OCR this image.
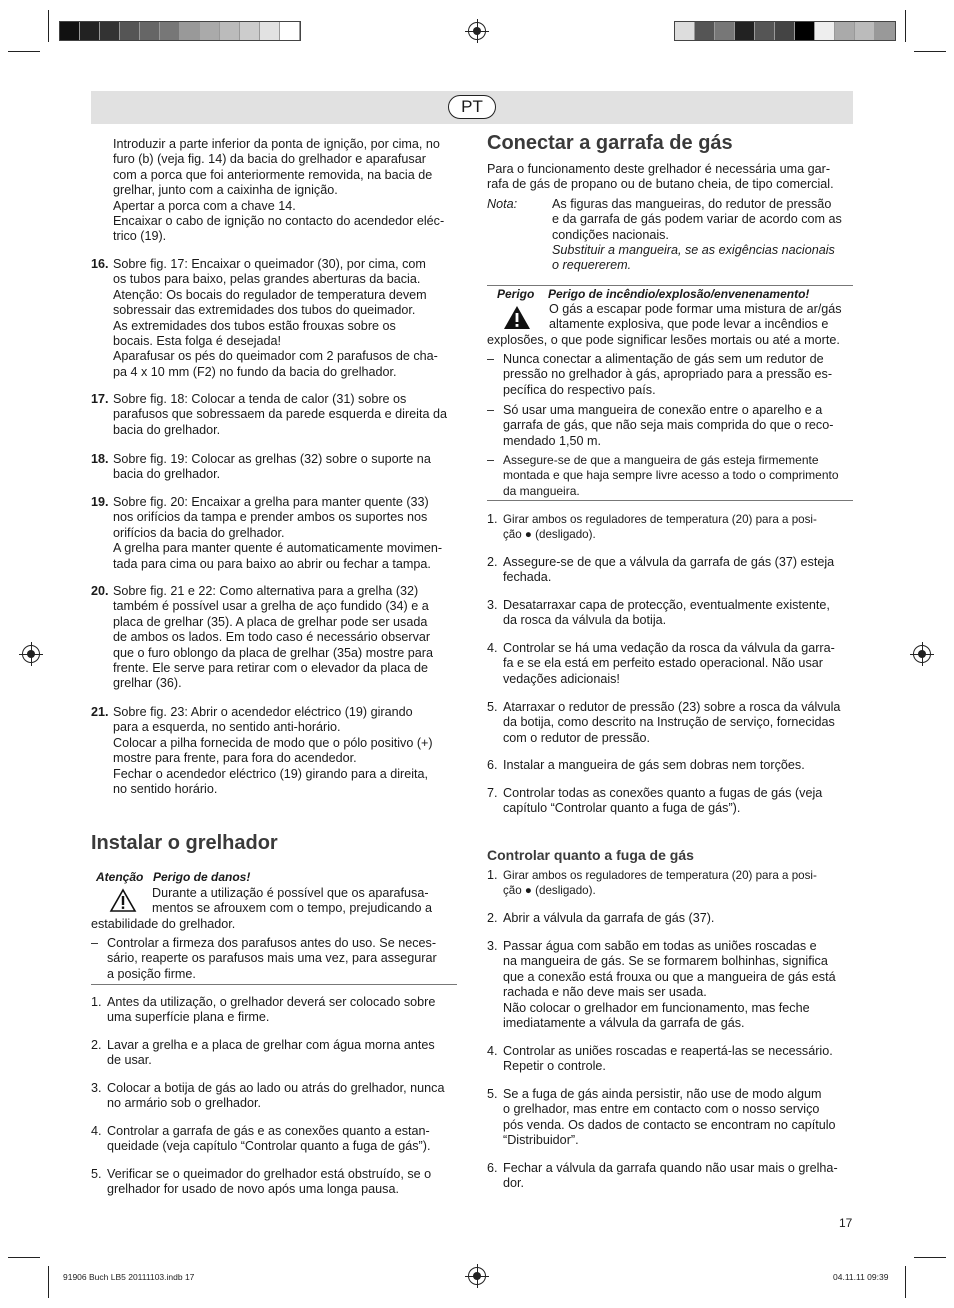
PT
Introduzir a parte inferior da ponta de ignição, por cima, no
furo (b) (veja fig. 14) da bacia do grelhador e aparafusar
com a porca que foi anteriormente removida, na bacia de
grelhar, junto com a caixinha de ignição.
Apertar a porca com a chave 14.
Encaixar o cabo de ignição no contacto do acendedor eléc-
trico (19).
16. Sobre fig. 17: Encaixar o queimador (30), por cima, com
os tubos para baixo, pelas grandes aberturas da bacia.
Atenção: Os bocais do regulador de temperatura devem
sobressair das extremidades dos tubos do queimador.
As extremidades dos tubos estão frouxas sobre os
bocais. Esta folga é desejada!
Aparafusar os pés do queimador com 2 parafusos de cha-
pa 4 x 10 mm (F2) no fundo da bacia do grelhador.
17. Sobre fig. 18: Colocar a tenda de calor (31) sobre os
parafusos que sobressaem da parede esquerda e direita da
bacia do grelhador.
18. Sobre fig. 19: Colocar as grelhas (32) sobre o suporte na
bacia do grelhador.
19. Sobre fig. 20: Encaixar a grelha para manter quente (33)
nos orifícios da tampa e prender ambos os suportes nos
orifícios da bacia do grelhador.
A grelha para manter quente é automaticamente movimen-
tada para cima ou para baixo ao abrir ou fechar a tampa.
20. Sobre fig. 21 e 22: Como alternativa para a grelha (32)
também é possível usar a grelha de aço fundido (34) e a
placa de grelhar (35). A placa de grelhar pode ser usada
de ambos os lados. Em todo caso é necessário observar
que o furo oblongo da placa de grelhar (35a) mostre para
frente. Ele serve para retirar com o elevador da placa de
grelhar (36).
21. Sobre fig. 23: Abrir o acendedor eléctrico (19) girando
para a esquerda, no sentido anti-horário.
Colocar a pilha fornecida de modo que o pólo positivo (+)
mostre para frente, para fora do acendedor.
Fechar o acendedor eléctrico (19) girando para a direita,
no sentido horário.
Instalar o grelhador
Atenção Perigo de danos!
Durante a utilização é possível que os aparafusa-
mentos se afrouxem com o tempo, prejudicando a
estabilidade do grelhador.
– Controlar a firmeza dos parafusos antes do uso. Se neces-
sário, reaperte os parafusos mais uma vez, para assegurar
a posição firme.
1. Antes da utilização, o grelhador deverá ser colocado sobre
uma superfície plana e firme.
2. Lavar a grelha e a placa de grelhar com água morna antes
de usar.
3. Colocar a botija de gás ao lado ou atrás do grelhador, nunca
no armário sob o grelhador.
4. Controlar a garrafa de gás e as conexões quanto a estan-
queidade (veja capítulo “Controlar quanto a fuga de gás”).
5. Verificar se o queimador do grelhador está obstruído, se o
grelhador for usado de novo após uma longa pausa.
Conectar a garrafa de gás
Para o funcionamento deste grelhador é necessária uma gar-
rafa de gás de propano ou de butano cheia, de tipo comercial.
Nota:	As figuras das mangueiras, do redutor de pressão
e da garrafa de gás podem variar de acordo com as
condições nacionais.
Substituir a mangueira, se as exigências nacionais
o requererem.
Perigo Perigo de incêndio/explosão/envenenamento!
O gás a escapar pode formar uma mistura de ar/gás
altamente explosiva, que pode levar a incêndios e
explosões, o que pode significar lesões mortais ou até a morte.
– Nunca conectar a alimentação de gás sem um redutor de
pressão no grelhador à gás, apropriado para a pressão es-
pecífica do respectivo país.
– Só usar uma mangueira de conexão entre o aparelho e a
garrafa de gás, que não seja mais comprida do que o reco-
mendado 1,50 m.
– Assegure-se de que a mangueira de gás esteja firmemente
montada e que haja sempre livre acesso a todo o comprimento
da mangueira.
1. Girar ambos os reguladores de temperatura (20) para a posi-
ção ● (desligado).
2. Assegure-se de que a válvula da garrafa de gás (37) esteja
fechada.
3. Desatarraxar capa de protecção, eventualmente existente,
da rosca da válvula da botija.
4. Controlar se há uma vedação da rosca da válvula da garra-
fa e se ela está em perfeito estado operacional. Não usar
vedações adicionais!
5. Atarraxar o redutor de pressão (23) sobre a rosca da válvula
da botija, como descrito na Instrução de serviço, fornecidas
com o redutor de pressão.
6. Instalar a mangueira de gás sem dobras nem torções.
7. Controlar todas as conexões quanto a fugas de gás (veja
capítulo “Controlar quanto a fuga de gás”).
Controlar quanto a fuga de gás
1. Girar ambos os reguladores de temperatura (20) para a posi-
ção ● (desligado).
2. Abrir a válvula da garrafa de gás (37).
3. Passar água com sabão em todas as uniões roscadas e
na mangueira de gás. Se se formarem bolhinhas, significa
que a conexão está frouxa ou que a mangueira de gás está
rachada e não deve mais ser usada.
Não colocar o grelhador em funcionamento, mas feche
imediatamente a válvula da garrafa de gás.
4. Controlar as uniões roscadas e reapertá-las se necessário.
Repetir o controle.
5. Se a fuga de gás ainda persistir, não use de modo algum
o grelhador, mas entre em contacto com o nosso serviço
pós venda. Os dados de contacto se encontram no capítulo
“Distribuidor”.
6. Fechar a válvula da garrafa quando não usar mais o grelha-
dor.
17
91906 Buch LB5 20111103.indb 17	04.11.11 09:39
